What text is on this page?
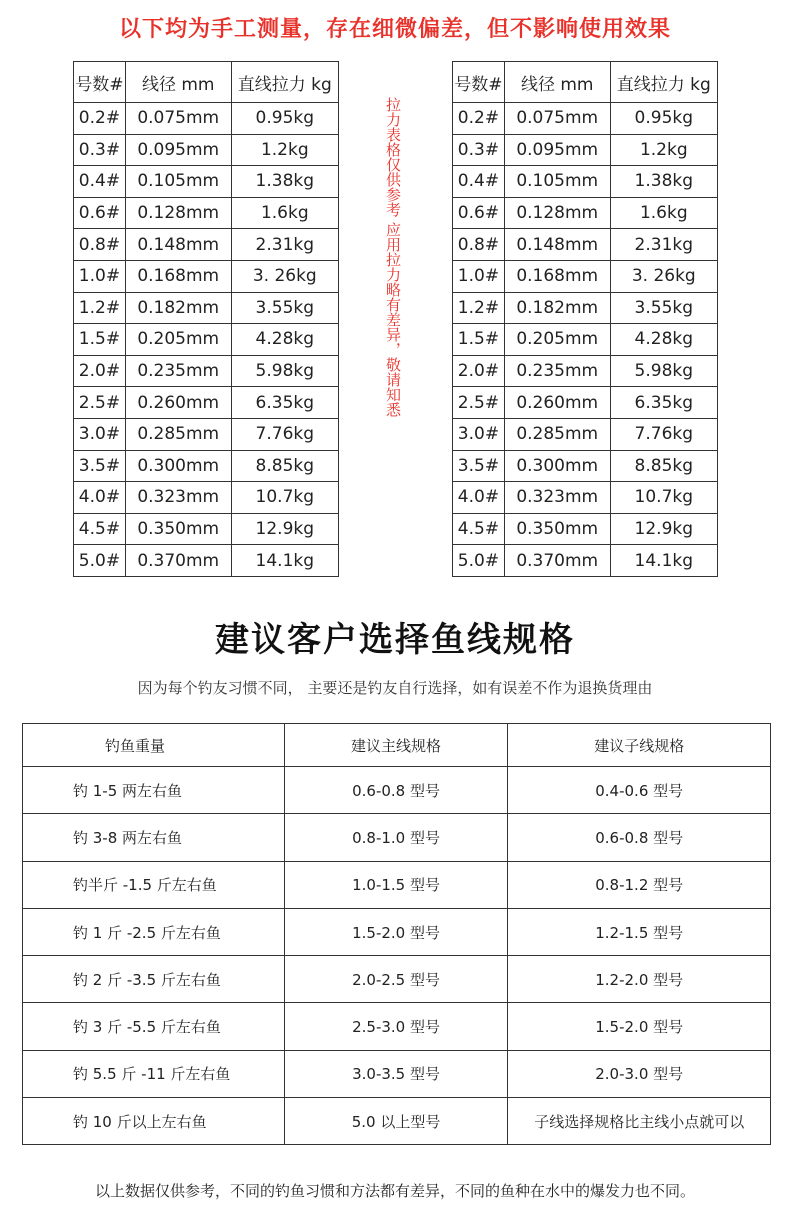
以下均为手工测量，存在细微偏差，但不影响使用效果
号数#	线径 mm	直线拉力 kg
0.2#	0.075mm	0.95kg
0.3#	0.095mm	1.2kg
0.4#	0.105mm	1.38kg
0.6#	0.128mm	1.6kg
0.8#	0.148mm	2.31kg
1.0#	0.168mm	3. 26kg
1.2#	0.182mm	3.55kg
1.5#	0.205mm	4.28kg
2.0#	0.235mm	5.98kg
2.5#	0.260mm	6.35kg
3.0#	0.285mm	7.76kg
3.5#	0.300mm	8.85kg
4.0#	0.323mm	10.7kg
4.5#	0.350mm	12.9kg
5.0#	0.370mm	14.1kg
拉力表格仅供参考 应用拉力略有差异，敬请知悉
号数#	线径 mm	直线拉力 kg
0.2#	0.075mm	0.95kg
0.3#	0.095mm	1.2kg
0.4#	0.105mm	1.38kg
0.6#	0.128mm	1.6kg
0.8#	0.148mm	2.31kg
1.0#	0.168mm	3. 26kg
1.2#	0.182mm	3.55kg
1.5#	0.205mm	4.28kg
2.0#	0.235mm	5.98kg
2.5#	0.260mm	6.35kg
3.0#	0.285mm	7.76kg
3.5#	0.300mm	8.85kg
4.0#	0.323mm	10.7kg
4.5#	0.350mm	12.9kg
5.0#	0.370mm	14.1kg
建议客户选择鱼线规格
因为每个钓友习惯不同， 主要还是钓友自行选择，如有误差不作为退换货理由
钓鱼重量	建议主线规格	建议子线规格
钓 1-5 两左右鱼	0.6-0.8 型号	0.4-0.6 型号
钓 3-8 两左右鱼	0.8-1.0 型号	0.6-0.8 型号
钓半斤 -1.5 斤左右鱼	1.0-1.5 型号	0.8-1.2 型号
钓 1 斤 -2.5 斤左右鱼	1.5-2.0 型号	1.2-1.5 型号
钓 2 斤 -3.5 斤左右鱼	2.0-2.5 型号	1.2-2.0 型号
钓 3 斤 -5.5 斤左右鱼	2.5-3.0 型号	1.5-2.0 型号
钓 5.5 斤 -11 斤左右鱼	3.0-3.5 型号	2.0-3.0 型号
钓 10 斤以上左右鱼	5.0 以上型号	子线选择规格比主线小点就可以
以上数据仅供参考，不同的钓鱼习惯和方法都有差异，不同的鱼种在水中的爆发力也不同。
